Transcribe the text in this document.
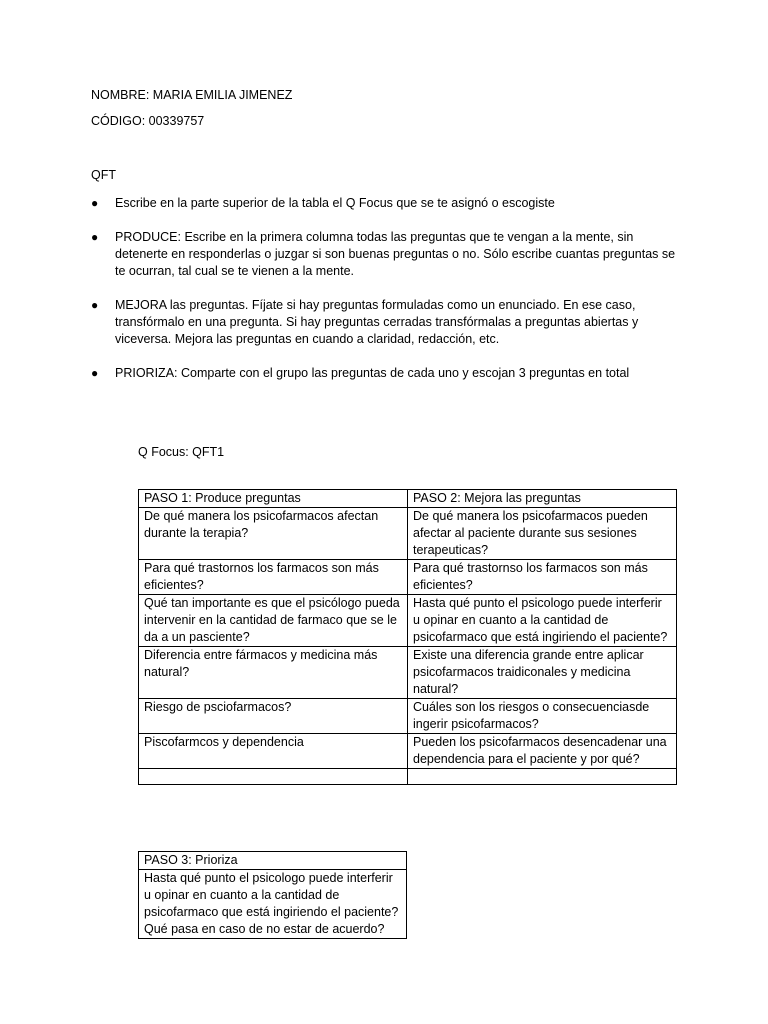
NOMBRE: MARIA EMILIA JIMENEZ
CÓDIGO: 00339757
QFT
● Escribe en la parte superior de la tabla el Q Focus que se te asignó o escogiste
● PRODUCE: Escribe en la primera columna todas las preguntas que te vengan a la mente, sin detenerte en responderlas o juzgar si son buenas preguntas o no. Sólo escribe cuantas preguntas se te ocurran, tal cual se te vienen a la mente.
● MEJORA las preguntas. Fíjate si hay preguntas formuladas como un enunciado. En ese caso, transfórmalo en una pregunta. Si hay preguntas cerradas transfórmalas a preguntas abiertas y viceversa. Mejora las preguntas en cuando a claridad, redacción, etc.
● PRIORIZA: Comparte con el grupo las preguntas de cada uno y escojan 3 preguntas en total
Q Focus: QFT1
PASO 1: Produce preguntas	PASO 2: Mejora las preguntas
De qué manera los psicofarmacos afectan durante la terapia?	De qué manera los psicofarmacos pueden afectar al paciente durante sus sesiones terapeuticas?
Para qué trastornos los farmacos son más eficientes?	Para qué trastornso los farmacos son más eficientes?
Qué tan importante es que el psicólogo pueda intervenir en la cantidad de farmaco que se le da a un pasciente?	Hasta qué punto el psicologo puede interferir u opinar en cuanto a la cantidad de psicofarmaco que está ingiriendo el paciente?
Diferencia entre fármacos y medicina más natural?	Existe una diferencia grande entre aplicar psicofarmacos traidiconales y medicina natural?
Riesgo de psciofarmacos?	Cuáles son los riesgos o consecuenciasde ingerir psicofarmacos?
Piscofarmcos y dependencia	Pueden los psicofarmacos desencadenar una dependencia para el paciente y por qué?

PASO 3: Prioriza
Hasta qué punto el psicologo puede interferir u opinar en cuanto a la cantidad de psicofarmaco que está ingiriendo el paciente? Qué pasa en caso de no estar de acuerdo?
